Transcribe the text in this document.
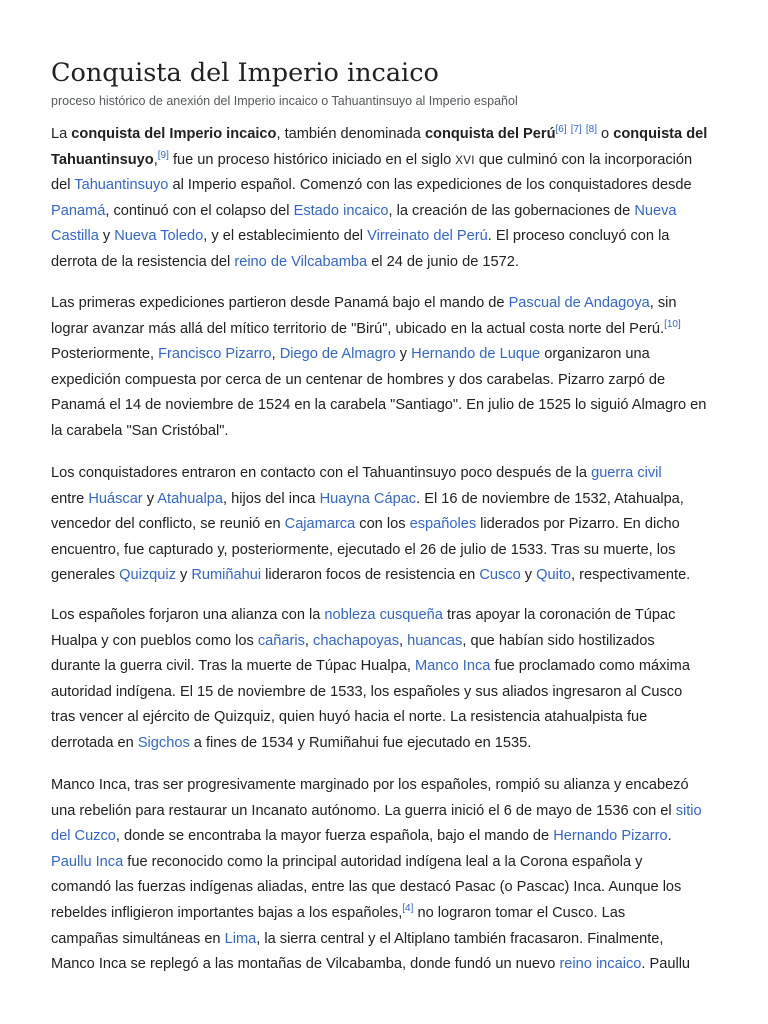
Conquista del Imperio incaico
proceso histórico de anexión del Imperio incaico o Tahuantinsuyo al Imperio español

La conquista del Imperio incaico, también denominada conquista del Perú[6] [7] [8] o conquista del
Tahuantinsuyo,[9] fue un proceso histórico iniciado en el siglo XVI que culminó con la incorporación
del Tahuantinsuyo al Imperio español. Comenzó con las expediciones de los conquistadores desde
Panamá, continuó con el colapso del Estado incaico, la creación de las gobernaciones de Nueva
Castilla y Nueva Toledo, y el establecimiento del Virreinato del Perú. El proceso concluyó con la
derrota de la resistencia del reino de Vilcabamba el 24 de junio de 1572.

Las primeras expediciones partieron desde Panamá bajo el mando de Pascual de Andagoya, sin
lograr avanzar más allá del mítico territorio de "Birú", ubicado en la actual costa norte del Perú.[10]
Posteriormente, Francisco Pizarro, Diego de Almagro y Hernando de Luque organizaron una
expedición compuesta por cerca de un centenar de hombres y dos carabelas. Pizarro zarpó de
Panamá el 14 de noviembre de 1524 en la carabela "Santiago". En julio de 1525 lo siguió Almagro en
la carabela "San Cristóbal".

Los conquistadores entraron en contacto con el Tahuantinsuyo poco después de la guerra civil
entre Huáscar y Atahualpa, hijos del inca Huayna Cápac. El 16 de noviembre de 1532, Atahualpa,
vencedor del conflicto, se reunió en Cajamarca con los españoles liderados por Pizarro. En dicho
encuentro, fue capturado y, posteriormente, ejecutado el 26 de julio de 1533. Tras su muerte, los
generales Quizquiz y Rumiñahui lideraron focos de resistencia en Cusco y Quito, respectivamente.

Los españoles forjaron una alianza con la nobleza cusqueña tras apoyar la coronación de Túpac
Hualpa y con pueblos como los cañaris, chachapoyas, huancas, que habían sido hostilizados
durante la guerra civil. Tras la muerte de Túpac Hualpa, Manco Inca fue proclamado como máxima
autoridad indígena. El 15 de noviembre de 1533, los españoles y sus aliados ingresaron al Cusco
tras vencer al ejército de Quizquiz, quien huyó hacia el norte. La resistencia atahualpista fue
derrotada en Sigchos a fines de 1534 y Rumiñahui fue ejecutado en 1535.

Manco Inca, tras ser progresivamente marginado por los españoles, rompió su alianza y encabezó
una rebelión para restaurar un Incanato autónomo. La guerra inició el 6 de mayo de 1536 con el sitio
del Cuzco, donde se encontraba la mayor fuerza española, bajo el mando de Hernando Pizarro.
Paullu Inca fue reconocido como la principal autoridad indígena leal a la Corona española y
comandó las fuerzas indígenas aliadas, entre las que destacó Pasac (o Pascac) Inca. Aunque los
rebeldes infligieron importantes bajas a los españoles,[4] no lograron tomar el Cusco. Las
campañas simultáneas en Lima, la sierra central y el Altiplano también fracasaron. Finalmente,
Manco Inca se replegó a las montañas de Vilcabamba, donde fundó un nuevo reino incaico. Paullu
